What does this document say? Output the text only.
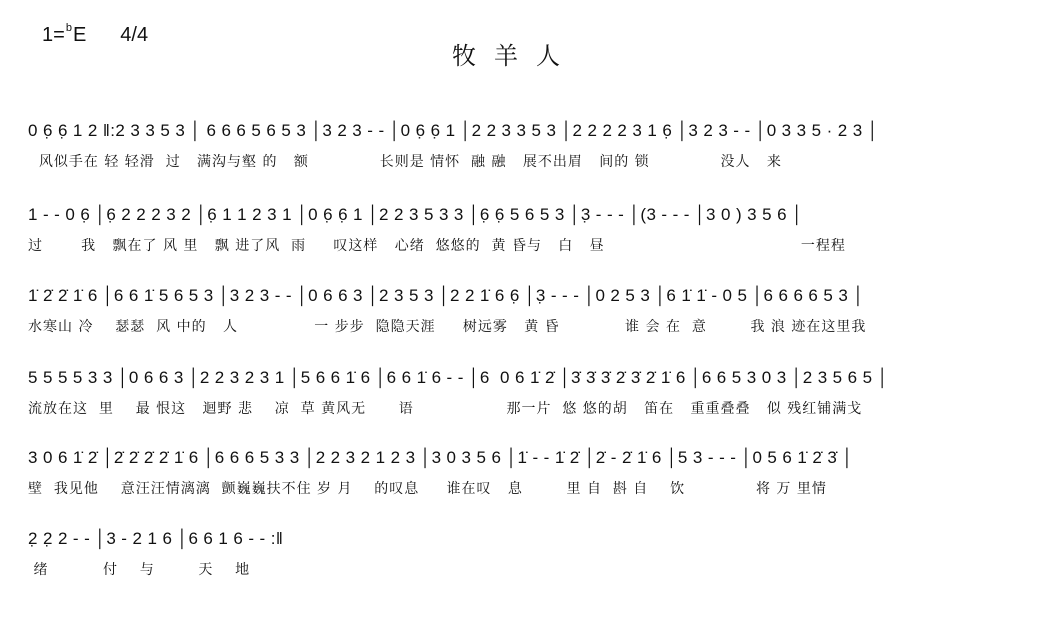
1=$^b$E 4/4
牧羊人
0 6̣ 6̣ 1 2 ‖:2 3 3 5 3 │ 6 6 6 5 6 5 3 │3 2 3 - - │0 6̣ 6̣ 1 │2 2 3 3 5 3 │2 2 2 2 3 1 6̣ │3 2 3 - - │0 3 3 5 · 2 3 │
风似手在 轻 轻滑  过   满沟与壑 的   额             长则是 情怀  融 融   展不出眉   间的 锁             没人   来
1 - - 0 6̣ │6̣ 2 2 2 3 2 │6̣ 1 1 2 3 1 │0 6̣ 6̣ 1 │2 2 3 5 3 3 │6̣ 6̣ 5 6 5 3 │3̣ - - - │(3 - - - │3 0 ) 3 5 6 │
过       我   飘在了 风 里   飘 进了风  雨     叹这样   心绪  悠悠的  黄 昏与   白   昼                                    一程程
1̇ 2̇ 2̇ 1̇ 6 │6 6 1̇ 5 6 5 3 │3 2 3 - - │0 6 6 3 │2 3 5 3 │2 2 1̇ 6 6̣ │3̣ - - - │0 2 5 3 │6 1̇ 1̇ - 0 5 │6 6 6 6 5 3 │
水寒山 冷    瑟瑟  风 中的   人              一 步步  隐隐天涯     树远雾   黄 昏            谁 会 在  意        我 浪 迹在这里我
5 5 5 5 3 3 │0 6 6 3 │2 2 3 2 3 1 │5 6 6 1̇ 6 │6 6 1̇ 6 - - │6  0 6 1̇ 2̇ │3̇ 3̇ 3̇ 2̇ 3̇ 2̇ 1̇ 6 │6 6 5 3 0 3 │2 3 5 6 5 │
流放在这  里    最 恨这   迴野 悲    凉  草 黄风无      语                 那一片  悠 悠的胡   笛在   重重叠叠   似 残红铺满戈
3 0 6 1̇ 2̇ │2̇ 2̇ 2̇ 2̇ 1̇ 6 │6 6 6 5 3 3 │2 2 3 2 1 2 3 │3 0 3 5 6 │1̇ - - 1̇ 2̇ │2̇ - 2̇ 1̇ 6 │5 3 - - - │0 5 6 1̇ 2̇ 3̇ │
壁  我见他    意汪汪情漓漓  颤巍巍扶不住 岁 月    的叹息     谁在叹   息        里 自  斟 自    饮             将 万 里情
2̣ 2̣ 2 - - │3 - 2 1 6 │6 6 1 6 - - :‖
绪          付    与        天    地
